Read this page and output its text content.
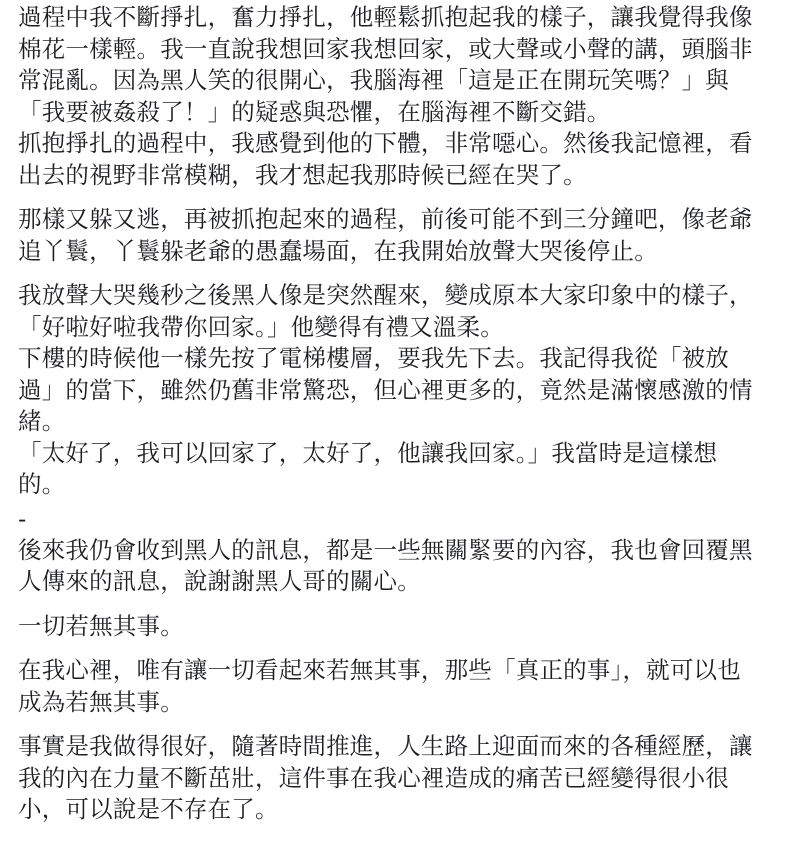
過程中我不斷掙扎，奮力掙扎，他輕鬆抓抱起我的樣子，讓我覺得我像
棉花一樣輕。我一直說我想回家我想回家，或大聲或小聲的講，頭腦非
常混亂。因為黑人笑的很開心，我腦海裡「這是正在開玩笑嗎？」與
「我要被姦殺了！」的疑惑與恐懼，在腦海裡不斷交錯。
抓抱掙扎的過程中，我感覺到他的下體，非常噁心。然後我記憶裡，看
出去的視野非常模糊，我才想起我那時候已經在哭了。
那樣又躲又逃，再被抓抱起來的過程，前後可能不到三分鐘吧，像老爺
追丫鬟，丫鬟躲老爺的愚蠢場面，在我開始放聲大哭後停止。
我放聲大哭幾秒之後黑人像是突然醒來，變成原本大家印象中的樣子，
「好啦好啦我帶你回家。」他變得有禮又溫柔。
下樓的時候他一樣先按了電梯樓層，要我先下去。我記得我從「被放
過」的當下，雖然仍舊非常驚恐，但心裡更多的，竟然是滿懷感激的情
緒。
「太好了，我可以回家了，太好了，他讓我回家。」我當時是這樣想
的。
-
後來我仍會收到黑人的訊息，都是一些無關緊要的內容，我也會回覆黑
人傳來的訊息，說謝謝黑人哥的關心。
一切若無其事。
在我心裡，唯有讓一切看起來若無其事，那些「真正的事」，就可以也
成為若無其事。
事實是我做得很好，隨著時間推進，人生路上迎面而來的各種經歷，讓
我的內在力量不斷茁壯，這件事在我心裡造成的痛苦已經變得很小很
小，可以說是不存在了。
